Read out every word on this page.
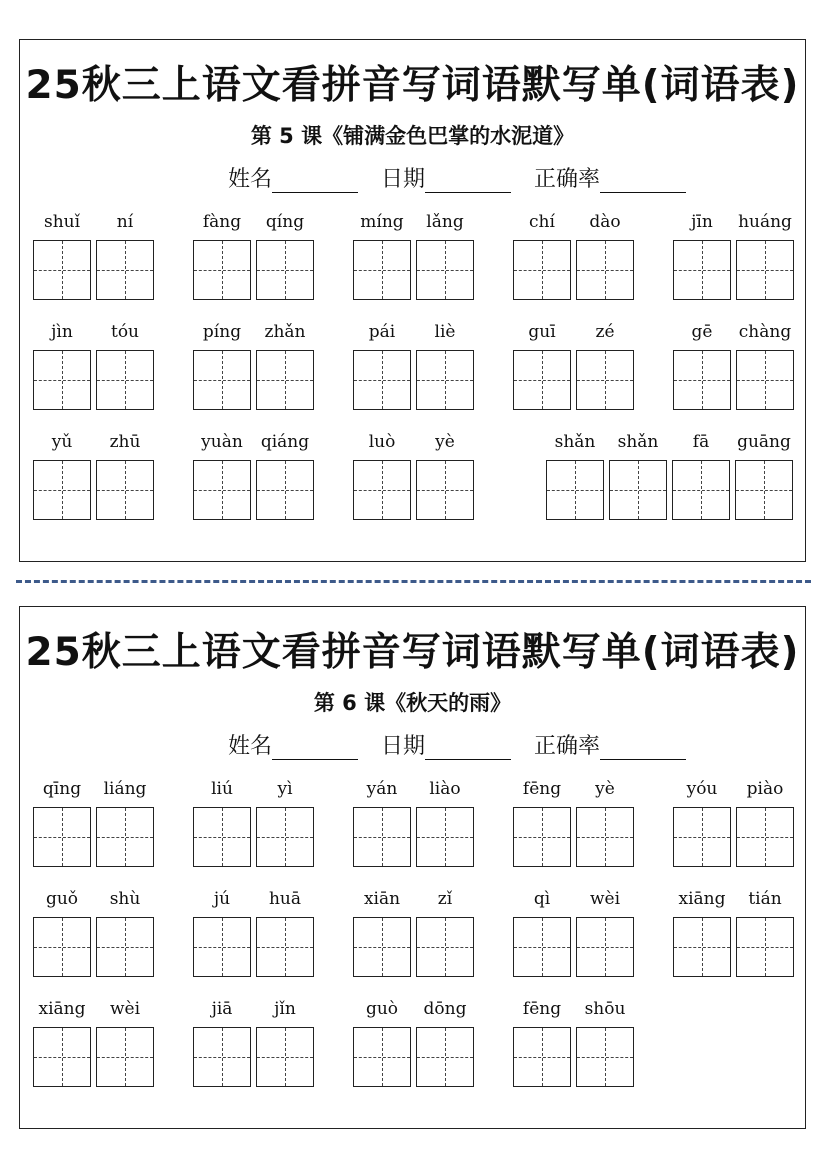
25秋三上语文看拼音写词语默写单(词语表)
第 5 课《铺满金色巴掌的水泥道》
姓名	日期	正确率
shuǐ	ní	fàng	qíng	míng	lǎng	chí	dào	jīn	huáng
jìn	tóu	píng	zhǎn	pái	liè	guī	zé	gē	chàng
yǔ	zhū	yuàn	qiáng	luò	yè	shǎn	shǎn	fā	guāng
25秋三上语文看拼音写词语默写单(词语表)
第 6 课《秋天的雨》
姓名	日期	正确率
qīng	liáng	liú	yì	yán	liào	fēng	yè	yóu	piào
guǒ	shù	jú	huā	xiān	zǐ	qì	wèi	xiāng	tián
xiāng	wèi	jiā	jǐn	guò	dōng	fēng	shōu
